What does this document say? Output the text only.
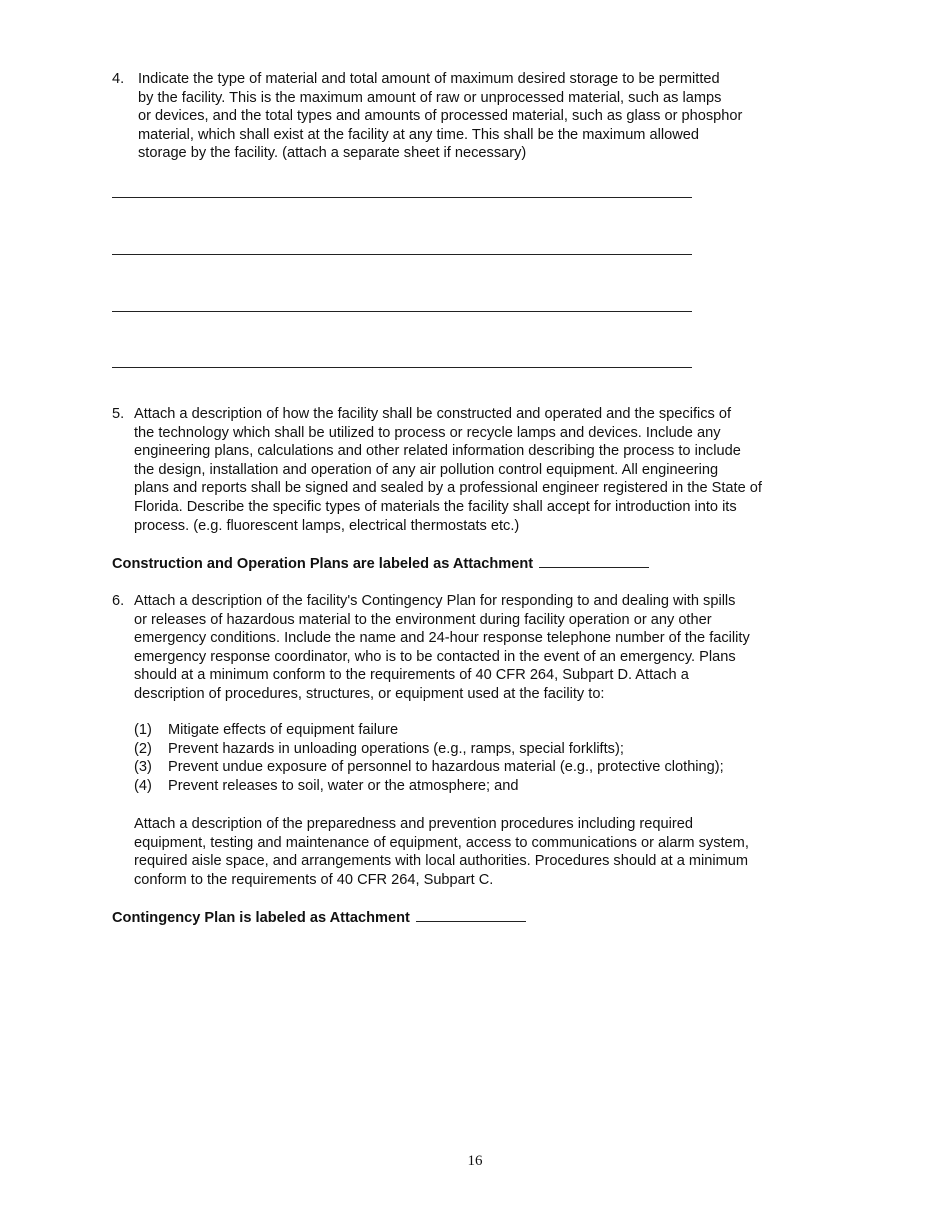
4. Indicate the type of material and total amount of maximum desired storage to be permitted
by the facility. This is the maximum amount of raw or unprocessed material, such as lamps
or devices, and the total types and amounts of processed material, such as glass or phosphor
material, which shall exist at the facility at any time. This shall be the maximum allowed
storage by the facility. (attach a separate sheet if necessary)
5. Attach a description of how the facility shall be constructed and operated and the specifics of
the technology which shall be utilized to process or recycle lamps and devices. Include any
engineering plans, calculations and other related information describing the process to include
the design, installation and operation of any air pollution control equipment. All engineering
plans and reports shall be signed and sealed by a professional engineer registered in the State of
Florida. Describe the specific types of materials the facility shall accept for introduction into its
process. (e.g. fluorescent lamps, electrical thermostats etc.)
Construction and Operation Plans are labeled as Attachment
6. Attach a description of the facility's Contingency Plan for responding to and dealing with spills
or releases of hazardous material to the environment during facility operation or any other
emergency conditions. Include the name and 24-hour response telephone number of the facility
emergency response coordinator, who is to be contacted in the event of an emergency. Plans
should at a minimum conform to the requirements of 40 CFR 264, Subpart D. Attach a
description of procedures, structures, or equipment used at the facility to:
(1) Mitigate effects of equipment failure
(2) Prevent hazards in unloading operations (e.g., ramps, special forklifts);
(3) Prevent undue exposure of personnel to hazardous material (e.g., protective clothing);
(4) Prevent releases to soil, water or the atmosphere; and
Attach a description of the preparedness and prevention procedures including required
equipment, testing and maintenance of equipment, access to communications or alarm system,
required aisle space, and arrangements with local authorities. Procedures should at a minimum
conform to the requirements of 40 CFR 264, Subpart C.
Contingency Plan is labeled as Attachment
16
